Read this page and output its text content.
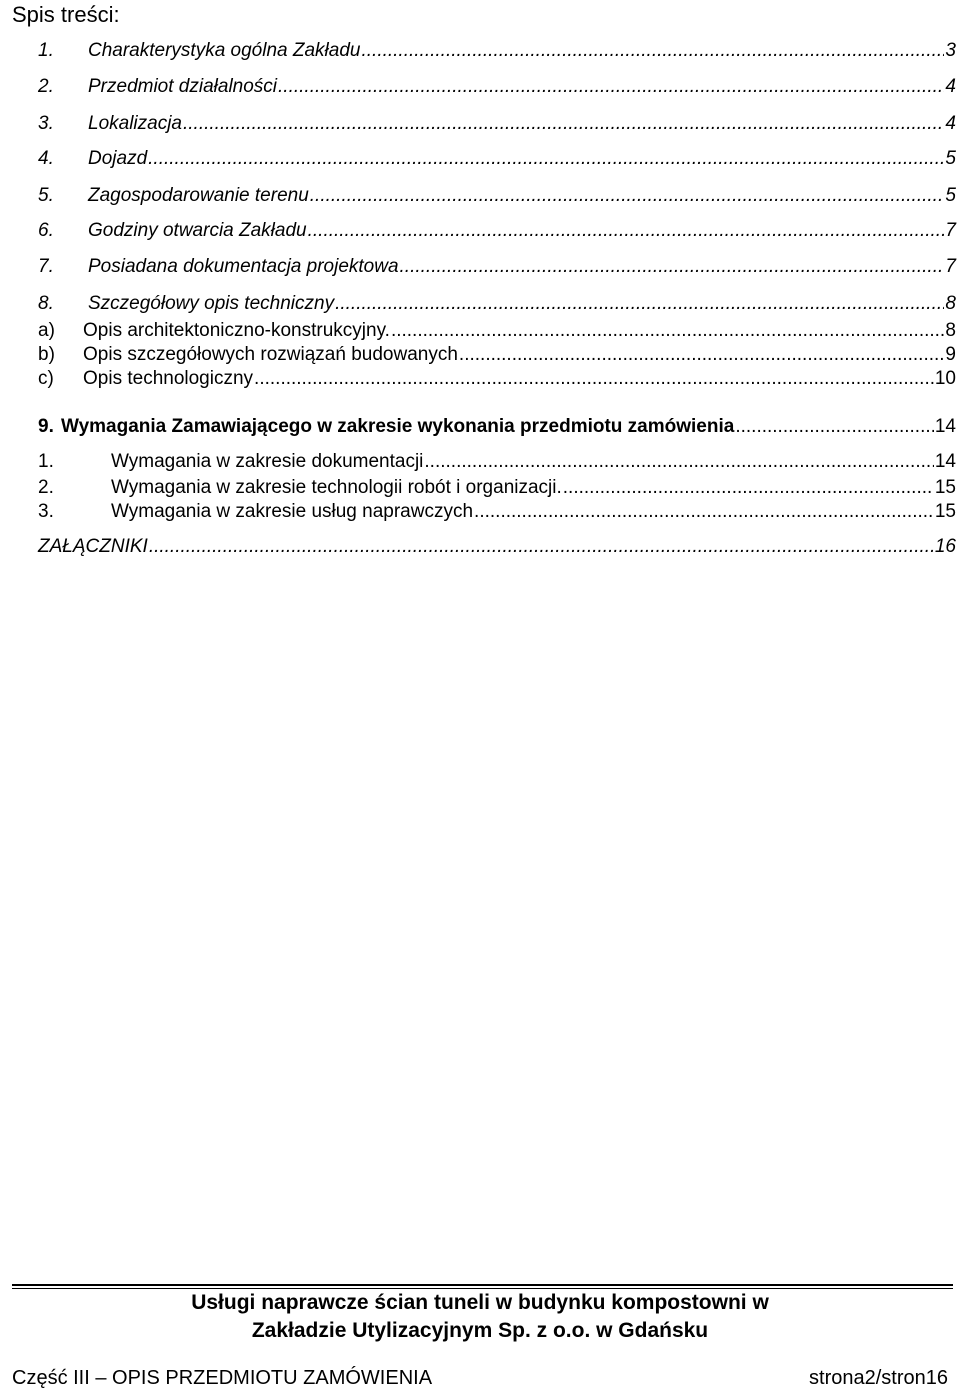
Spis treści:
1.	Charakterystyka ogólna Zakładu .....	3
2.	Przedmiot działalności .....	4
3.	Lokalizacja .....	4
4.	Dojazd .....	5
5.	Zagospodarowanie terenu .....	5
6.	Godziny otwarcia Zakładu .....	7
7.	Posiadana dokumentacja projektowa .....	7
8.	Szczegółowy opis techniczny .....	8
a)	Opis architektoniczno-konstrukcyjny. .....	8
b)	Opis szczegółowych rozwiązań budowanych .....	9
c)	Opis technologiczny .....	10
9. Wymagania Zamawiającego w zakresie wykonania przedmiotu zamówienia .....	14
1.	Wymagania w zakresie dokumentacji .....	14
2.	Wymagania w zakresie technologii robót i organizacji. .....	15
3.	Wymagania w zakresie usług naprawczych .....	15
ZAŁĄCZNIKI .....	16
Usługi naprawcze ścian tuneli w budynku kompostowni w
Zakładzie Utylizacyjnym Sp. z o.o. w Gdańsku
Część III – OPIS PRZEDMIOTU ZAMÓWIENIA	strona2/stron16
